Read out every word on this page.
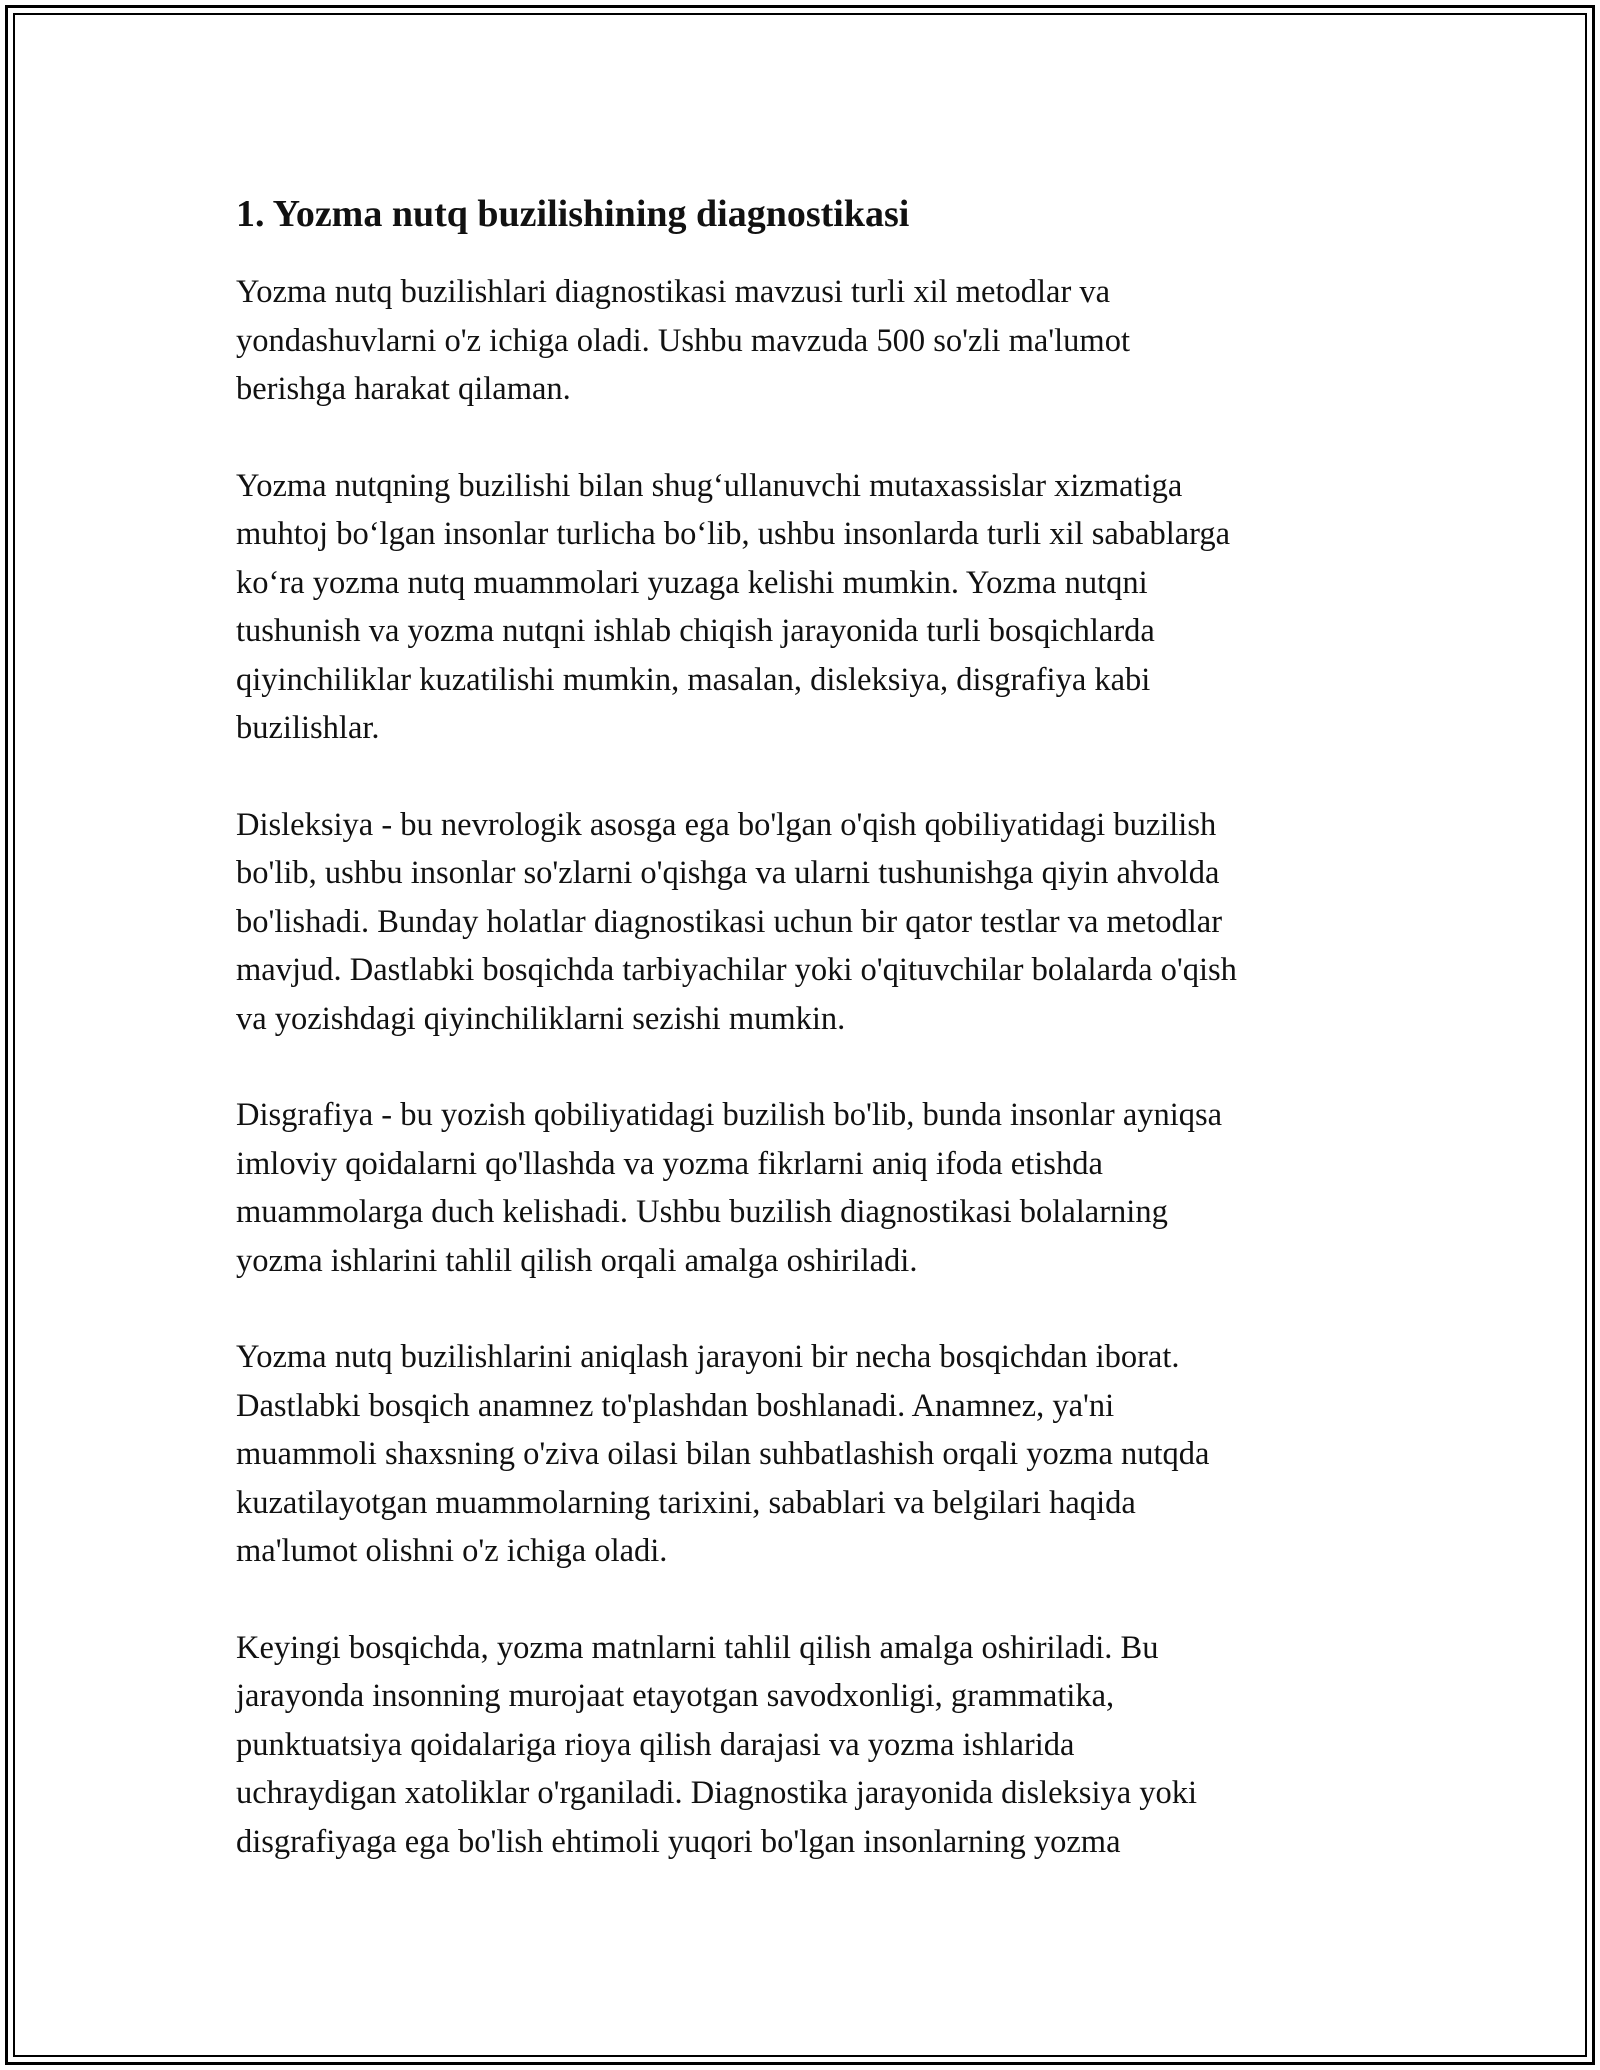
1. Yozma nutq buzilishining diagnostikasi

Yozma nutq buzilishlari diagnostikasi mavzusi turli xil metodlar va
yondashuvlarni o'z ichiga oladi. Ushbu mavzuda 500 so'zli ma'lumot
berishga harakat qilaman.

Yozma nutqning buzilishi bilan shug‘ullanuvchi mutaxassislar xizmatiga
muhtoj bo‘lgan insonlar turlicha bo‘lib, ushbu insonlarda turli xil sabablarga
ko‘ra yozma nutq muammolari yuzaga kelishi mumkin. Yozma nutqni
tushunish va yozma nutqni ishlab chiqish jarayonida turli bosqichlarda
qiyinchiliklar kuzatilishi mumkin, masalan, disleksiya, disgrafiya kabi
buzilishlar.

Disleksiya - bu nevrologik asosga ega bo'lgan o'qish qobiliyatidagi buzilish
bo'lib, ushbu insonlar so'zlarni o'qishga va ularni tushunishga qiyin ahvolda
bo'lishadi. Bunday holatlar diagnostikasi uchun bir qator testlar va metodlar
mavjud. Dastlabki bosqichda tarbiyachilar yoki o'qituvchilar bolalarda o'qish
va yozishdagi qiyinchiliklarni sezishi mumkin.

Disgrafiya - bu yozish qobiliyatidagi buzilish bo'lib, bunda insonlar ayniqsa
imloviy qoidalarni qo'llashda va yozma fikrlarni aniq ifoda etishda
muammolarga duch kelishadi. Ushbu buzilish diagnostikasi bolalarning
yozma ishlarini tahlil qilish orqali amalga oshiriladi.

Yozma nutq buzilishlarini aniqlash jarayoni bir necha bosqichdan iborat.
Dastlabki bosqich anamnez to'plashdan boshlanadi. Anamnez, ya'ni
muammoli shaxsning o'ziva oilasi bilan suhbatlashish orqali yozma nutqda
kuzatilayotgan muammolarning tarixini, sabablari va belgilari haqida
ma'lumot olishni o'z ichiga oladi.

Keyingi bosqichda, yozma matnlarni tahlil qilish amalga oshiriladi. Bu
jarayonda insonning murojaat etayotgan savodxonligi, grammatika,
punktuatsiya qoidalariga rioya qilish darajasi va yozma ishlarida
uchraydigan xatoliklar o'rganiladi. Diagnostika jarayonida disleksiya yoki
disgrafiyaga ega bo'lish ehtimoli yuqori bo'lgan insonlarning yozma
